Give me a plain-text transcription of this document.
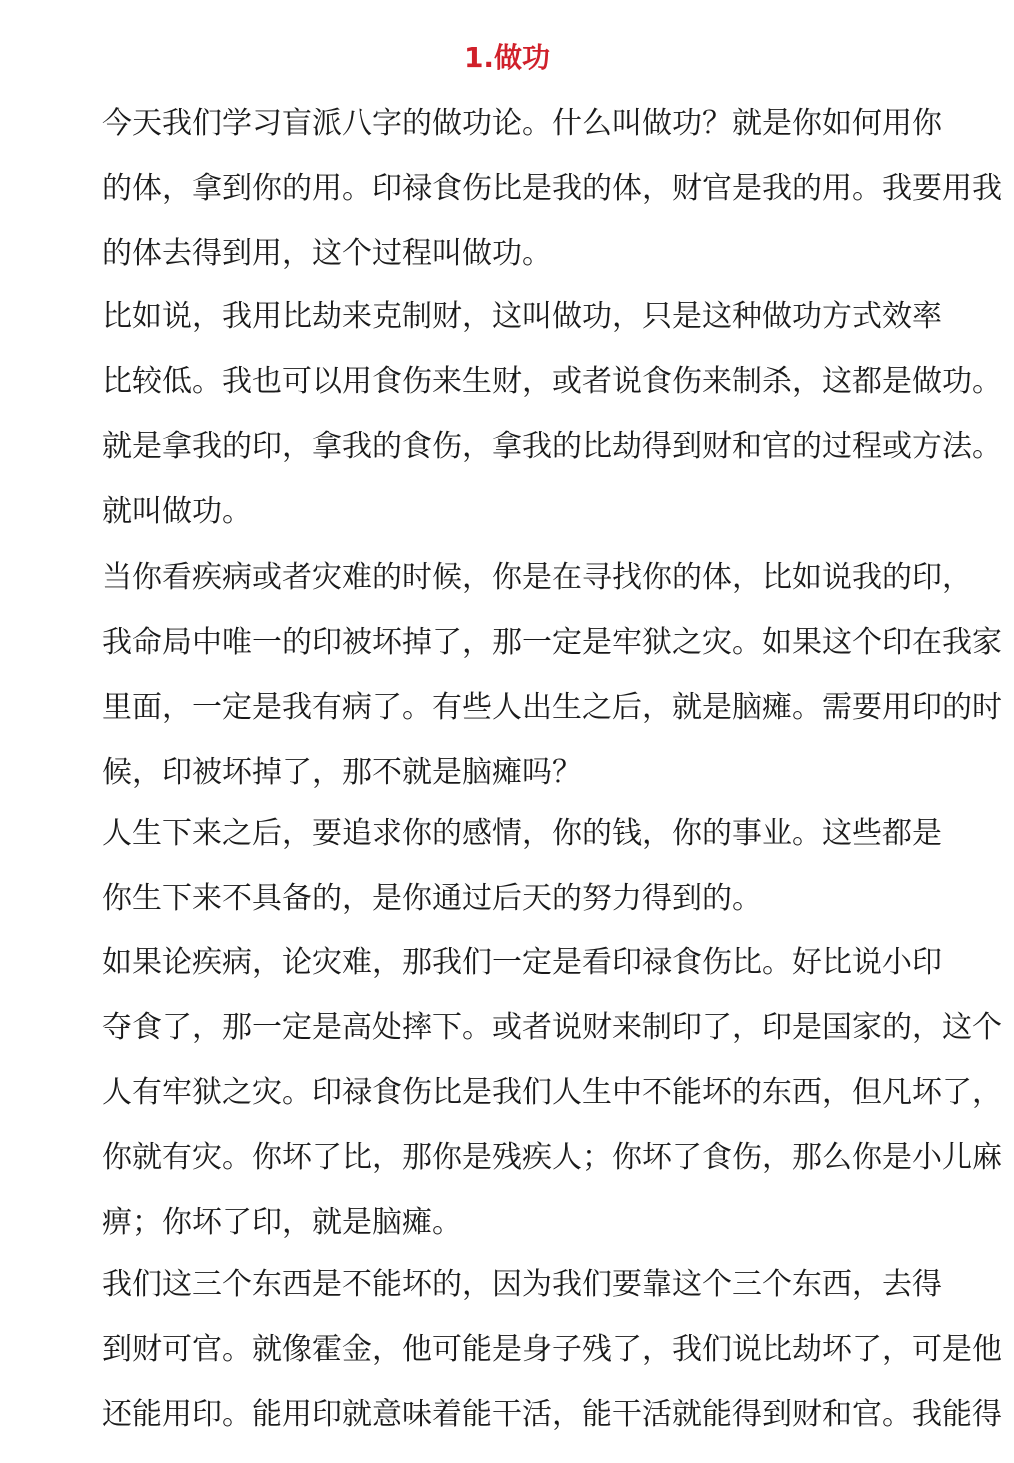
1.做功

今天我们学习盲派八字的做功论。什么叫做功？就是你如何用你
的体，拿到你的用。印禄食伤比是我的体，财官是我的用。我要用我
的体去得到用，这个过程叫做功。

比如说，我用比劫来克制财，这叫做功，只是这种做功方式效率
比较低。我也可以用食伤来生财，或者说食伤来制杀，这都是做功。
就是拿我的印，拿我的食伤，拿我的比劫得到财和官的过程或方法。
就叫做功。

当你看疾病或者灾难的时候，你是在寻找你的体，比如说我的印，
我命局中唯一的印被坏掉了，那一定是牢狱之灾。如果这个印在我家
里面，一定是我有病了。有些人出生之后，就是脑瘫。需要用印的时
候，印被坏掉了，那不就是脑瘫吗？

人生下来之后，要追求你的感情，你的钱，你的事业。这些都是
你生下来不具备的，是你通过后天的努力得到的。

如果论疾病，论灾难，那我们一定是看印禄食伤比。好比说小印
夺食了，那一定是高处摔下。或者说财来制印了，印是国家的，这个
人有牢狱之灾。印禄食伤比是我们人生中不能坏的东西，但凡坏了，
你就有灾。你坏了比，那你是残疾人；你坏了食伤，那么你是小儿麻
痹；你坏了印，就是脑瘫。

我们这三个东西是不能坏的，因为我们要靠这个三个东西，去得
到财可官。就像霍金，他可能是身子残了，我们说比劫坏了，可是他
还能用印。能用印就意味着能干活，能干活就能得到财和官。我能得
